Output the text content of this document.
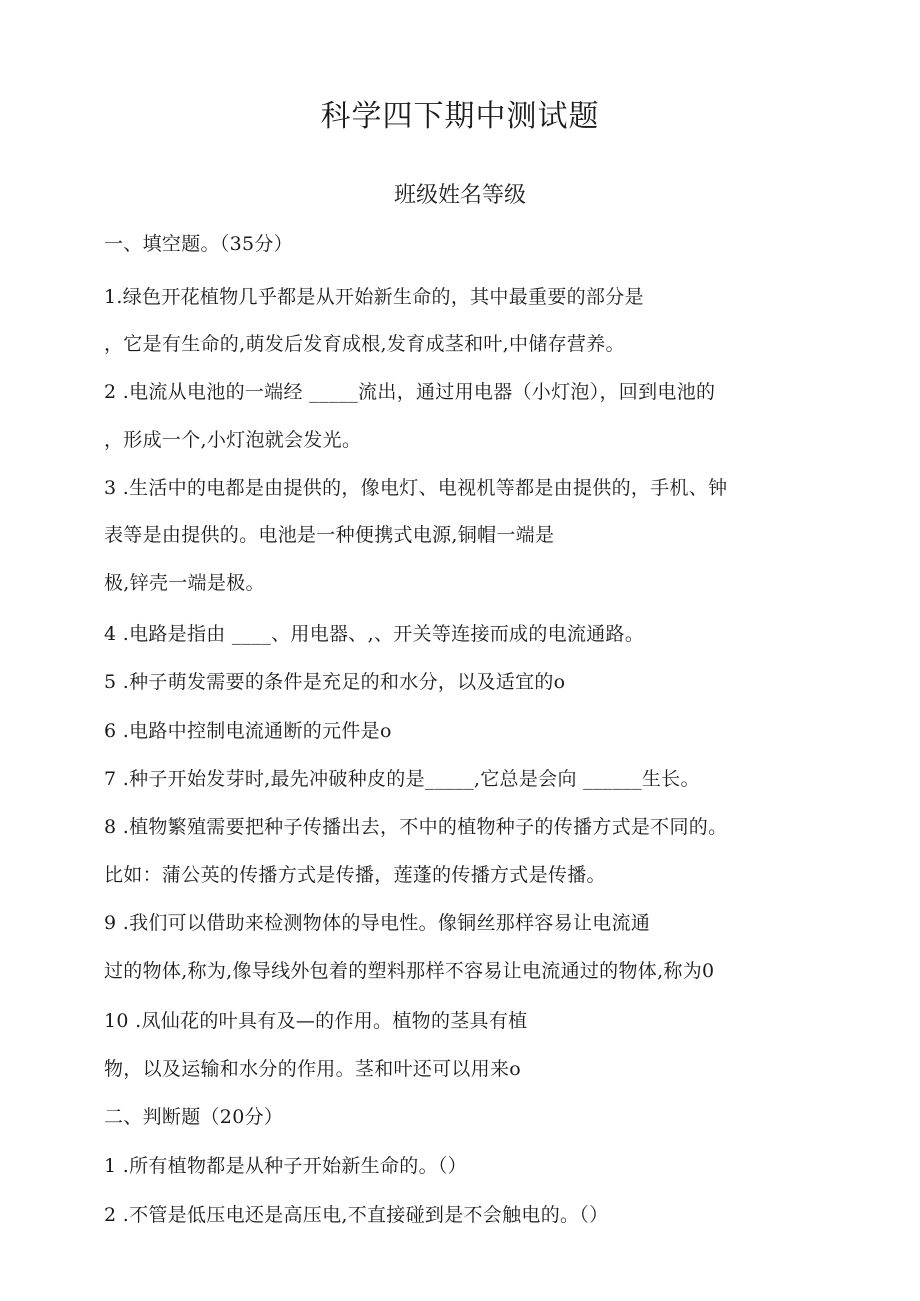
科学四下期中测试题
班级姓名等级
一、填空题。（35分）
1.绿色开花植物几乎都是从开始新生命的，其中最重要的部分是
，它是有生命的,萌发后发育成根,发育成茎和叶,中储存营养。
2 .电流从电池的一端经 _____流出，通过用电器（小灯泡），回到电池的
，形成一个,小灯泡就会发光。
3 .生活中的电都是由提供的，像电灯、电视机等都是由提供的，手机、钟
表等是由提供的。电池是一种便携式电源,铜帽一端是
极,锌壳一端是极。
4 .电路是指由 ____、用电器、,、开关等连接而成的电流通路。
5 .种子萌发需要的条件是充足的和水分，以及适宜的o
6 .电路中控制电流通断的元件是o
7 .种子开始发芽时,最先冲破种皮的是_____,它总是会向 ______生长。
8 .植物繁殖需要把种子传播出去，不中的植物种子的传播方式是不同的。
比如：蒲公英的传播方式是传播，莲蓬的传播方式是传播。
9 .我们可以借助来检测物体的导电性。像铜丝那样容易让电流通
过的物体,称为,像导线外包着的塑料那样不容易让电流通过的物体,称为0
10 .凤仙花的叶具有及—的作用。植物的茎具有植
物，以及运输和水分的作用。茎和叶还可以用来o
二、判断题（20分）
1 .所有植物都是从种子开始新生命的。（）
2 .不管是低压电还是高压电,不直接碰到是不会触电的。（）
